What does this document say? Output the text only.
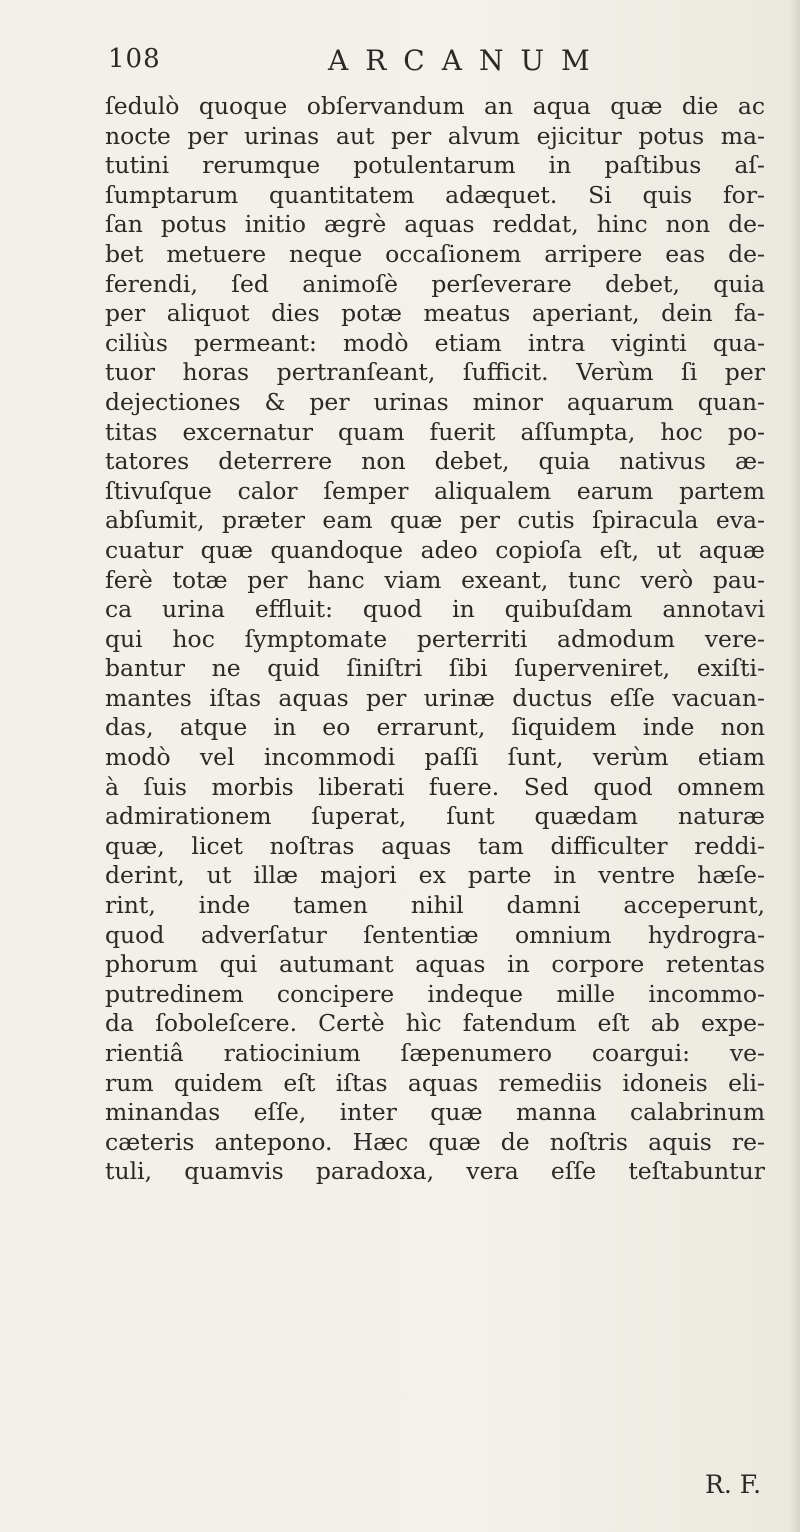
108	ARCANUM
ſedulò quoque obſervandum an aqua quæ die ac
nocte per urinas aut per alvum ejicitur potus ma-
tutini rerumque potulentarum in paſtibus aſ-
ſumptarum quantitatem adæquet. Si quis for-
ſan potus initio ægrè aquas reddat, hinc non de-
bet metuere neque occaſionem arripere eas de-
ferendi, ſed animoſè perſeverare debet, quia
per aliquot dies potæ meatus aperiant, dein fa-
ciliùs permeant: modò etiam intra viginti qua-
tuor horas pertranſeant, ſufficit. Verùm ſi per
dejectiones & per urinas minor aquarum quan-
titas excernatur quam fuerit aſſumpta, hoc po-
tatores deterrere non debet, quia nativus æ-
ſtivuſque calor ſemper aliqualem earum partem
abſumit, præter eam quæ per cutis ſpiracula eva-
cuatur quæ quandoque adeo copioſa eſt, ut aquæ
ferè totæ per hanc viam exeant, tunc verò pau-
ca urina effluit: quod in quibuſdam annotavi
qui hoc ſymptomate perterriti admodum vere-
bantur ne quid ſiniſtri ſibi ſuperveniret, exiſti-
mantes iſtas aquas per urinæ ductus eſſe vacuan-
das, atque in eo errarunt, ſiquidem inde non
modò vel incommodi paſſi ſunt, verùm etiam
à ſuis morbis liberati fuere. Sed quod omnem
admirationem ſuperat, ſunt quædam naturæ
quæ, licet noſtras aquas tam difficulter reddi-
derint, ut illæ majori ex parte in ventre hæſe-
rint, inde tamen nihil damni acceperunt,
quod adverſatur ſententiæ omnium hydrogra-
phorum qui autumant aquas in corpore retentas
putredinem concipere indeque mille incommo-
da ſoboleſcere. Certè hìc fatendum eſt ab expe-
rientiâ ratiocinium ſæpenumero coargui: ve-
rum quidem eſt iſtas aquas remediis idoneis eli-
minandas eſſe, inter quæ manna calabrinum
cæteris antepono. Hæc quæ de noſtris aquis re-
tuli, quamvis paradoxa, vera eſſe teſtabuntur
R. F.
